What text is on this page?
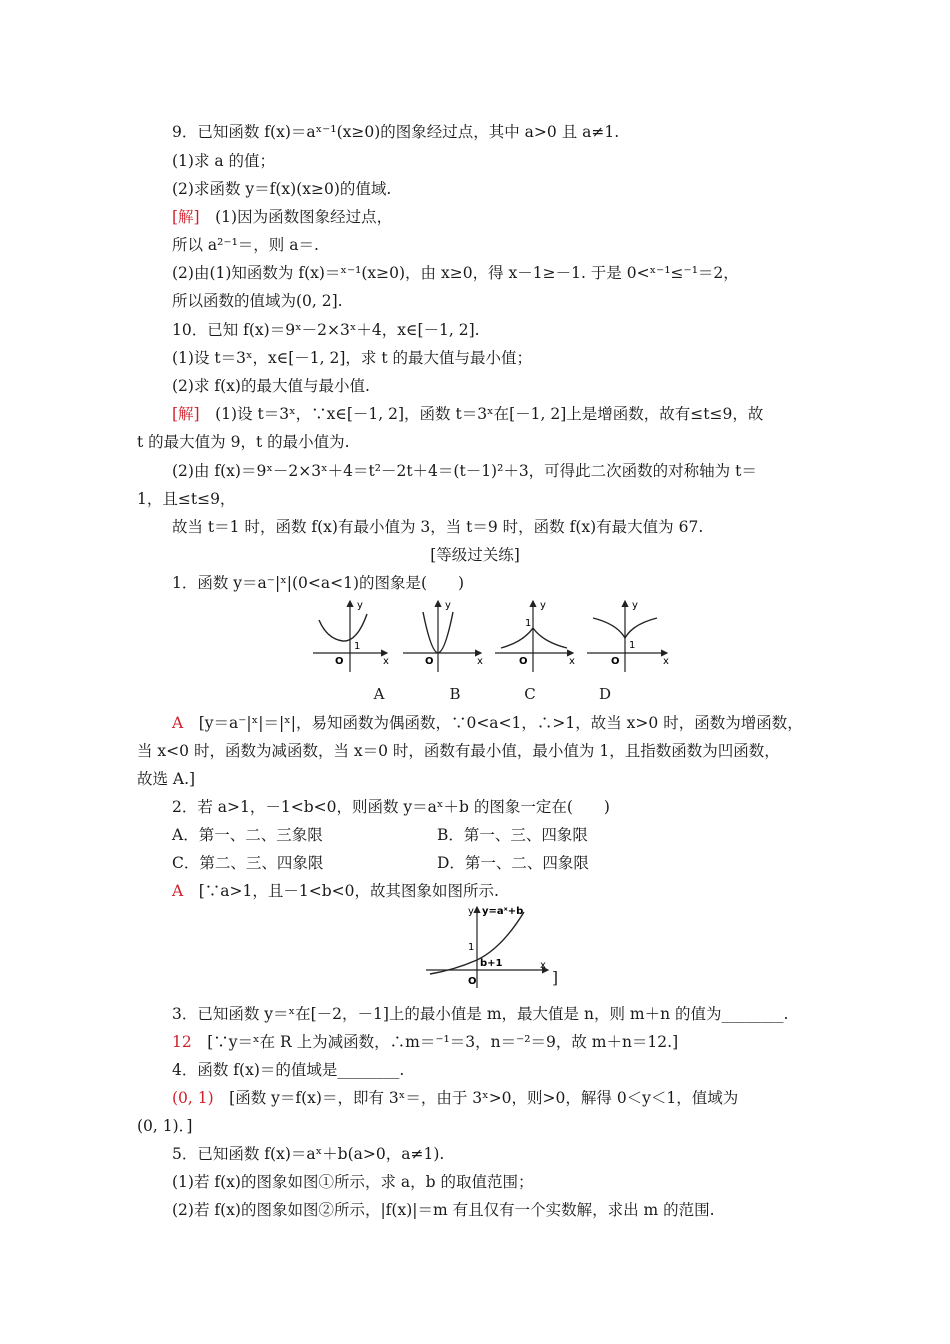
9．已知函数 f(x)＝aˣ⁻¹(x≥0)的图象经过点，其中 a>0 且 a≠1.
(1)求 a 的值；
(2)求函数 y＝f(x)(x≥0)的值域.
[解]　(1)因为函数图象经过点，
所以 a²⁻¹＝，则 a＝.
(2)由(1)知函数为 f(x)＝ˣ⁻¹(x≥0)，由 x≥0，得 x－1≥－1. 于是 0<ˣ⁻¹≤⁻¹＝2，
所以函数的值域为(0, 2].
10．已知 f(x)＝9ˣ－2×3ˣ＋4，x∈[－1, 2].
(1)设 t＝3ˣ，x∈[－1, 2]，求 t 的最大值与最小值；
(2)求 f(x)的最大值与最小值.
[解]　(1)设 t＝3ˣ，∵x∈[－1, 2]，函数 t＝3ˣ在[－1, 2]上是增函数，故有≤t≤9，故
t 的最大值为 9，t 的最小值为.
(2)由 f(x)＝9ˣ－2×3ˣ＋4＝t²－2t＋4＝(t－1)²＋3，可得此二次函数的对称轴为 t＝
1，且≤t≤9，
故当 t＝1 时，函数 f(x)有最小值为 3，当 t＝9 时，函数 f(x)有最大值为 67.
[等级过关练]
1．函数 y＝a⁻|ˣ|(0<a<1)的图象是(　　)
y
x
O
1
y
x
O
y
x
O
1
y
x
O
1
A	B	C	D
A　[y＝a⁻|ˣ|＝|ˣ|，易知函数为偶函数，∵0<a<1，∴>1，故当 x>0 时，函数为增函数，
当 x<0 时，函数为减函数，当 x＝0 时，函数有最小值，最小值为 1，且指数函数为凹函数，
故选 A.]
2．若 a>1，－1<b<0，则函数 y＝aˣ＋b 的图象一定在(　　)
A．第一、二、三象限	B．第一、三、四象限
C．第二、三、四象限	D．第一、二、四象限
A　[∵a>1，且－1<b<0，故其图象如图所示.
y y=aˣ+b
1
b+1
O
x
]
3．已知函数 y＝ˣ在[－2，－1]上的最小值是 m，最大值是 n，则 m＋n 的值为________.
12　[∵y＝ˣ在 R 上为减函数，∴m＝⁻¹＝3，n＝⁻²＝9，故 m＋n＝12.]
4．函数 f(x)＝的值域是________.
(0, 1)　[函数 y＝f(x)＝，即有 3ˣ＝，由于 3ˣ>0，则>0，解得 0＜y＜1，值域为
(0, 1)．]
5．已知函数 f(x)＝aˣ＋b(a>0，a≠1).
(1)若 f(x)的图象如图①所示，求 a，b 的取值范围；
(2)若 f(x)的图象如图②所示，|f(x)|＝m 有且仅有一个实数解，求出 m 的范围.
